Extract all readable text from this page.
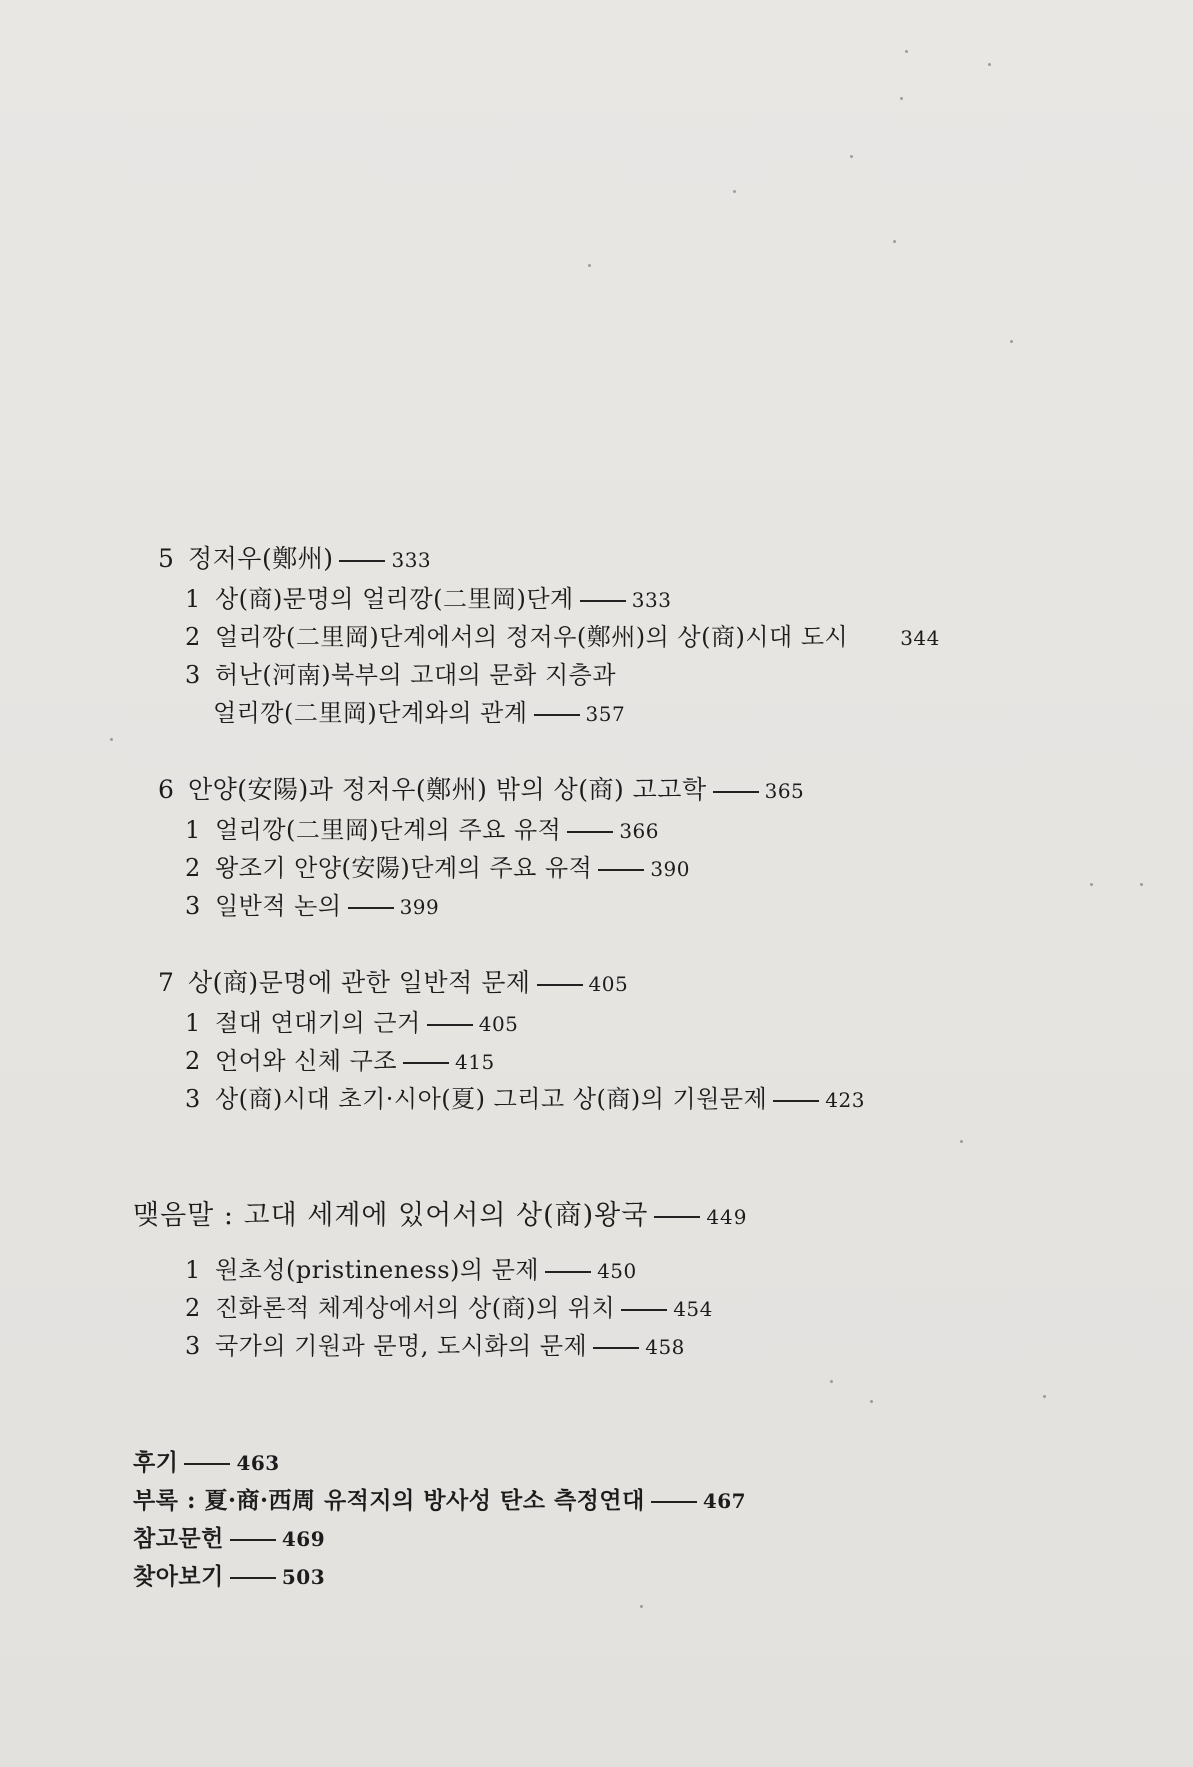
5 정저우(鄭州)	333
1 상(商)문명의 얼리깡(二里岡)단계	333
2 얼리깡(二里岡)단계에서의 정저우(鄭州)의 상(商)시대 도시	344
3 허난(河南)북부의 고대의 문화 지층과
얼리깡(二里岡)단계와의 관계	357
6 안양(安陽)과 정저우(鄭州) 밖의 상(商) 고고학	365
1 얼리깡(二里岡)단계의 주요 유적	366
2 왕조기 안양(安陽)단계의 주요 유적	390
3 일반적 논의	399
7 상(商)문명에 관한 일반적 문제	405
1 절대 연대기의 근거	405
2 언어와 신체 구조	415
3 상(商)시대 초기·시아(夏) 그리고 상(商)의 기원문제	423
맺음말 : 고대 세계에 있어서의 상(商)왕국	449
1 원초성(pristineness)의 문제	450
2 진화론적 체계상에서의 상(商)의 위치	454
3 국가의 기원과 문명, 도시화의 문제	458
후기	463
부록 : 夏·商·西周 유적지의 방사성 탄소 측정연대	467
참고문헌	469
찾아보기	503
